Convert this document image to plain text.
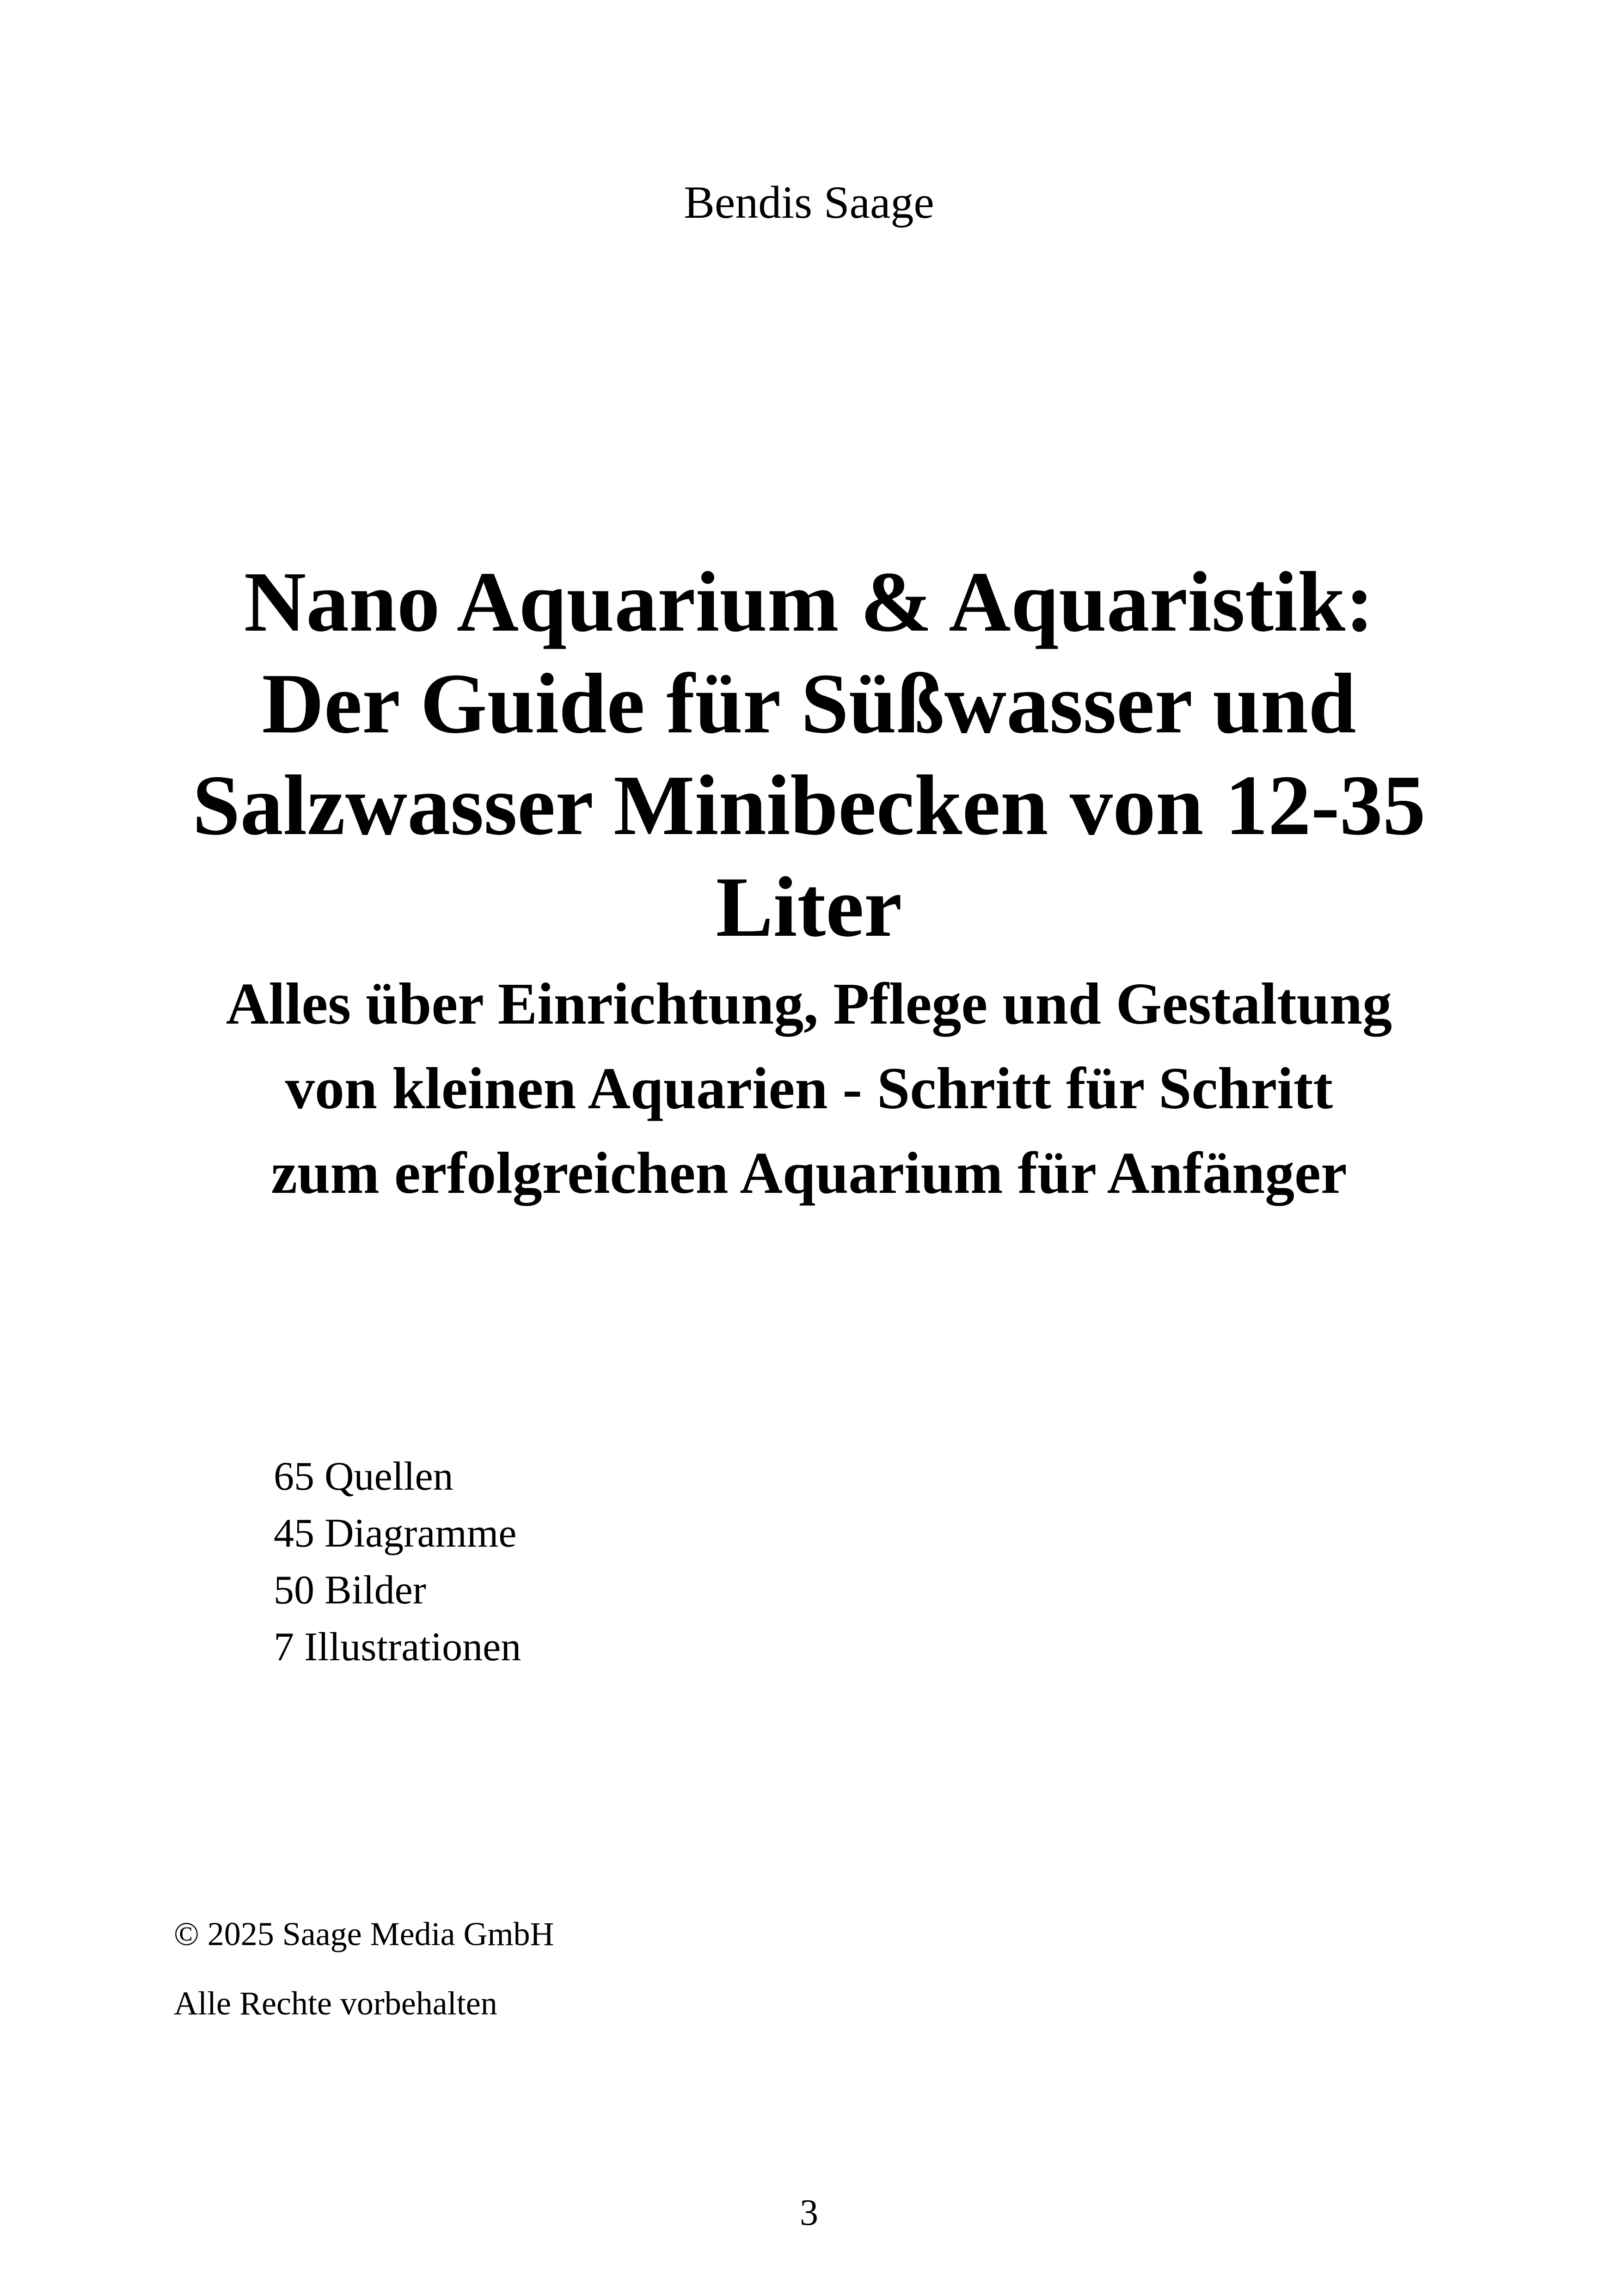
Bendis Saage
Nano Aquarium & Aquaristik:
Der Guide für Süßwasser und
Salzwasser Minibecken von 12-35
Liter
Alles über Einrichtung, Pflege und Gestaltung
von kleinen Aquarien - Schritt für Schritt
zum erfolgreichen Aquarium für Anfänger
65 Quellen
45 Diagramme
50 Bilder
7 Illustrationen
© 2025 Saage Media GmbH
Alle Rechte vorbehalten
3
